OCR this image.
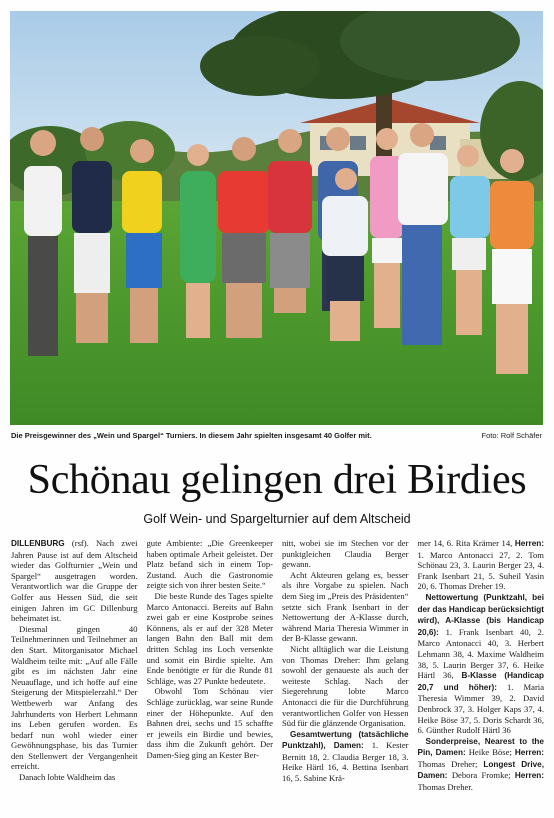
Die Preisgewinner des „Wein und Spargel“ Turniers. In diesem Jahr spielten insgesamt 40 Golfer mit.	Foto: Rolf Schäfer
Schönau gelingen drei Birdies
Golf Wein- und Spargelturnier auf dem Altscheid

DILLENBURG (rsf). Nach zwei Jahren Pause ist auf dem Altscheid wieder das Golfturnier „Wein und Spargel“ ausgetragen worden. Verantwortlich war die Gruppe der Golfer aus Hessen Süd, die seit einigen Jahren im GC Dillenburg beheimatet ist.

Diesmal gingen 40 Teilnehmerinnen und Teilnehmer an den Start. Mitorganisator Michael Waldheim teilte mit: „Auf alle Fälle gibt es im nächsten Jahr eine Neuauflage, und ich hoffe auf eine Steigerung der Mitspielerzahl.“ Der Wettbewerb war Anfang des Jahrhunderts von Herbert Lehmann ins Leben gerufen worden. Es bedarf nun wohl wieder einer Gewöhnungsphase, bis das Turnier den Stellenwert der Vergangenheit erreicht.

Danach lobte Waldheim das

gute Ambiente: „Die Greenkeeper haben optimale Arbeit geleistet. Der Platz befand sich in einem Top-Zustand. Auch die Gastronomie zeigte sich von ihrer besten Seite.“

Die beste Runde des Tages spielte Marco Antonacci. Bereits auf Bahn zwei gab er eine Kostprobe seines Könnens, als er auf der 328 Meter langen Bahn den Ball mit dem dritten Schlag ins Loch versenkte und somit ein Birdie spielte. Am Ende benötigte er für die Runde 81 Schläge, was 27 Punkte bedeutete.

Obwohl Tom Schönau vier Schläge zurücklag, war seine Runde einer der Höhepunkte. Auf den Bahnen drei, sechs und 15 schaffte er jeweils ein Birdie und bewies, dass ihm die Zukunft gehört. Der Damen-Sieg ging an Kester Ber-

nitt, wobei sie im Stechen vor der punktgleichen Claudia Berger gewann.

Acht Akteuren gelang es, besser als ihre Vorgabe zu spielen. Nach dem Sieg im „Preis des Präsidenten“ setzte sich Frank Isenbart in der Nettowertung der A-Klasse durch, während Maria Theresia Wimmer in der B-Klasse gewann.

Nicht alltäglich war die Leistung von Thomas Dreher: Ihm gelang sowohl der genaueste als auch der weiteste Schlag. Nach der Siegerehrung lobte Marco Antonacci die für die Durchführung verantwortlichen Golfer von Hessen Süd für die glänzende Organisation.

Gesamtwertung (tatsächliche Punktzahl), Damen: 1. Kester Bernitt 18, 2. Claudia Berger 18, 3. Heike Härtl 16, 4. Bettina Isenbart 16, 5. Sabine Krä-

mer 14, 6. Rita Krämer 14, Herren: 1. Marco Antonacci 27, 2. Tom Schönau 23, 3. Laurin Berger 23, 4. Frank Isenbart 21, 5. Suheil Yasin 20, 6. Thomas Dreher 19.

Nettowertung (Punktzahl, bei der das Handicap berücksichtigt wird), A-Klasse (bis Handicap 20,6): 1. Frank Isenbart 40, 2. Marco Antonacci 40, 3. Herbert Lehmann 38, 4. Maxime Waldheim 38, 5. Laurin Berger 37, 6. Heike Härtl 36, B-Klasse (Handicap 20,7 und höher): 1. Maria Theresia Wimmer 39, 2. David Denbrock 37, 3. Holger Kaps 37, 4. Heike Böse 37, 5. Doris Schardt 36, 6. Günther Rudolf Härtl 36

Sonderpreise, Nearest to the Pin, Damen: Heike Böse; Herren: Thomas Dreher; Longest Drive, Damen: Debora Fromke; Herren: Thomas Dreher.
